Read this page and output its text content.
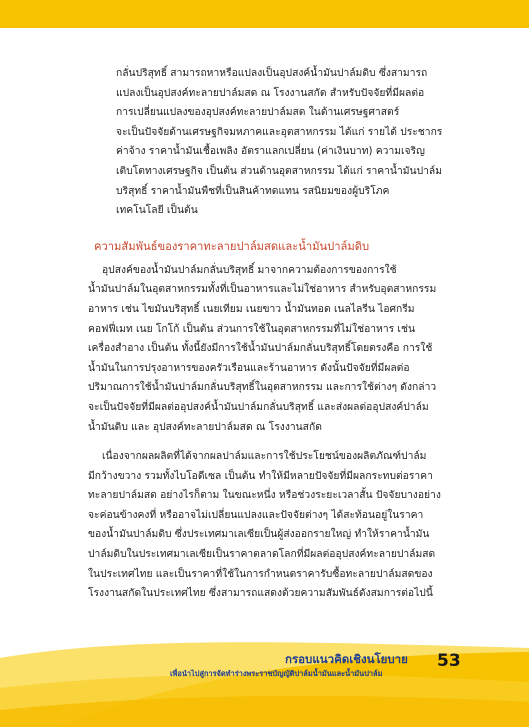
กลั่นปริสุทธิ์ สามารถหาหรือแปลงเป็นอุปสงค์น้ำมันปาล์มดิบ ซึ่งสามารถ
แปลงเป็นอุปสงค์ทะลายปาล์มสด ณ โรงงานสกัด สำหรับปัจจัยที่มีผลต่อ
การเปลี่ยนแปลงของอุปสงค์ทะลายปาล์มสด ในด้านเศรษฐศาสตร์
จะเป็นปัจจัยด้านเศรษฐกิจมหภาคและอุตสาหกรรม ได้แก่ รายได้ ประชากร
ค่าจ้าง ราคาน้ำมันเชื้อเพลิง อัตราแลกเปลี่ยน (ค่าเงินบาท) ความเจริญ
เติบโตทางเศรษฐกิจ เป็นต้น ส่วนด้านอุตสาหกรรม ได้แก่ ราคาน้ำมันปาล์ม
บริสุทธิ์ ราคาน้ำมันพืชที่เป็นสินค้าทดแทน รสนิยมของผู้บริโภค
เทคโนโลยี เป็นต้น

ความสัมพันธ์ของราคาทะลายปาล์มสดและน้ำมันปาล์มดิบ

อุปสงค์ของน้ำมันปาล์มกลั่นบริสุทธิ์ มาจากความต้องการของการใช้
น้ำมันปาล์มในอุตสาหกรรมทั้งที่เป็นอาหารและไม่ใช่อาหาร สำหรับอุตสาหกรรม
อาหาร เช่น ไขมันบริสุทธิ์ เนยเทียม เนยขาว น้ำมันทอด เนลไลรีน ไอศกรีม
คอฟฟี่เมท เนย โกโก้ เป็นต้น ส่วนการใช้ในอุตสาหกรรมที่ไม่ใช่อาหาร เช่น
เครื่องสำอาง เป็นต้น ทั้งนี้ยังมีการใช้น้ำมันปาล์มกลั่นบริสุทธิ์โดยตรงคือ การใช้
น้ำมันในการปรุงอาหารของครัวเรือนและร้านอาหาร ดังนั้นปัจจัยที่มีผลต่อ
ปริมาณการใช้น้ำมันปาล์มกลั่นบริสุทธิ์ในอุตสาหกรรม และการใช้ต่างๆ ดังกล่าว
จะเป็นปัจจัยที่มีผลต่ออุปสงค์น้ำมันปาล์มกลั่นบริสุทธิ์ และส่งผลต่ออุปสงค์ปาล์ม
น้ำมันดิบ และ อุปสงค์ทะลายปาล์มสด ณ โรงงานสกัด

เนื่องจากผลผลิตที่ได้จากผลปาล์มและการใช้ประโยชน์ของผลิตภัณฑ์ปาล์ม
มีกว้างขวาง รวมทั้งไบโอดีเซล เป็นต้น ทำให้มีหลายปัจจัยที่มีผลกระทบต่อราคา
ทะลายปาล์มสด อย่างไรก็ตาม ในขณะหนึ่ง หรือช่วงระยะเวลาสั้น ปัจจัยบางอย่าง
จะค่อนข้างคงที่ หรืออาจไม่เปลี่ยนแปลงและปัจจัยต่างๆ ได้สะท้อนอยู่ในราคา
ของน้ำมันปาล์มดิบ ซึ่งประเทศมาเลเซียเป็นผู้ส่งออกรายใหญ่ ทำให้ราคาน้ำมัน
ปาล์มดิบในประเทศมาเลเซียเป็นราคาตลาดโลกที่มีผลต่ออุปสงค์ทะลายปาล์มสด
ในประเทศไทย และเป็นราคาที่ใช้ในการกำหนดราคารับซื้อทะลายปาล์มสดของ
โรงงานสกัดในประเทศไทย ซึ่งสามารถแสดงด้วยความสัมพันธ์ดังสมการต่อไปนี้

กรอบแนวคิดเชิงนโยบาย
เพื่อนำไปสู่การจัดทำร่างพระราชบัญญัติปาล์มน้ำมันและน้ำมันปาล์ม
53
